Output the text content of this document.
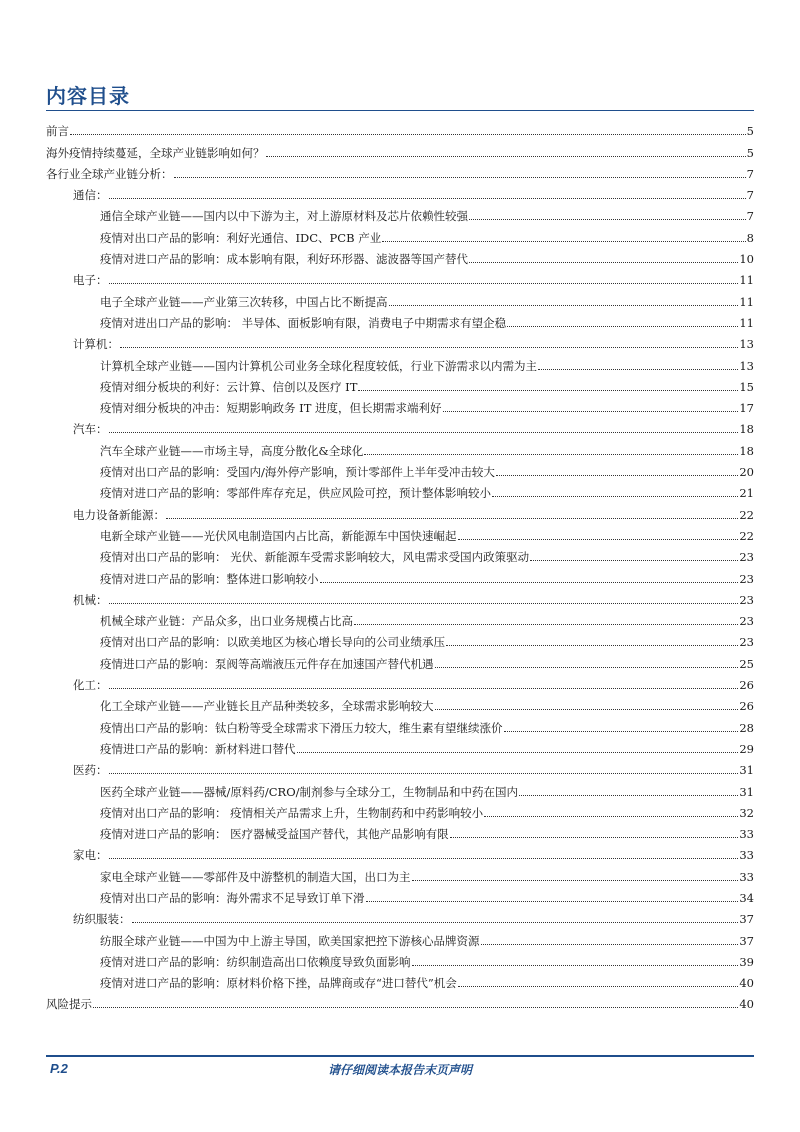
内容目录
前言	5
海外疫情持续蔓延，全球产业链影响如何？	5
各行业全球产业链分析：	7
通信：	7
通信全球产业链——国内以中下游为主，对上游原材料及芯片依赖性较强	7
疫情对出口产品的影响：利好光通信、IDC、PCB 产业	8
疫情对进口产品的影响：成本影响有限，利好环形器、滤波器等国产替代	10
电子：	11
电子全球产业链——产业第三次转移，中国占比不断提高	11
疫情对进出口产品的影响： 半导体、面板影响有限，消费电子中期需求有望企稳	11
计算机：	13
计算机全球产业链——国内计算机公司业务全球化程度较低，行业下游需求以内需为主	13
疫情对细分板块的利好：云计算、信创以及医疗 IT	15
疫情对细分板块的冲击：短期影响政务 IT 进度，但长期需求端利好	17
汽车：	18
汽车全球产业链——市场主导，高度分散化&全球化	18
疫情对出口产品的影响：受国内/海外停产影响，预计零部件上半年受冲击较大	20
疫情对进口产品的影响：零部件库存充足，供应风险可控，预计整体影响较小	21
电力设备新能源：	22
电新全球产业链——光伏风电制造国内占比高，新能源车中国快速崛起	22
疫情对出口产品的影响： 光伏、新能源车受需求影响较大，风电需求受国内政策驱动	23
疫情对进口产品的影响：整体进口影响较小	23
机械：	23
机械全球产业链：产品众多，出口业务规模占比高	23
疫情对出口产品的影响：以欧美地区为核心增长导向的公司业绩承压	23
疫情进口产品的影响：泵阀等高端液压元件存在加速国产替代机遇	25
化工：	26
化工全球产业链——产业链长且产品种类较多，全球需求影响较大	26
疫情出口产品的影响：钛白粉等受全球需求下滑压力较大，维生素有望继续涨价	28
疫情进口产品的影响：新材料进口替代	29
医药：	31
医药全球产业链——器械/原料药/CRO/制剂参与全球分工，生物制品和中药在国内	31
疫情对出口产品的影响： 疫情相关产品需求上升，生物制药和中药影响较小	32
疫情对进口产品的影响： 医疗器械受益国产替代，其他产品影响有限	33
家电：	33
家电全球产业链——零部件及中游整机的制造大国，出口为主	33
疫情对出口产品的影响：海外需求不足导致订单下滑	34
纺织服装：	37
纺服全球产业链——中国为中上游主导国，欧美国家把控下游核心品牌资源	37
疫情对进口产品的影响：纺织制造高出口依赖度导致负面影响	39
疫情对进口产品的影响：原材料价格下挫，品牌商或存“进口替代”机会	40
风险提示	40
P.2	请仔细阅读本报告末页声明
